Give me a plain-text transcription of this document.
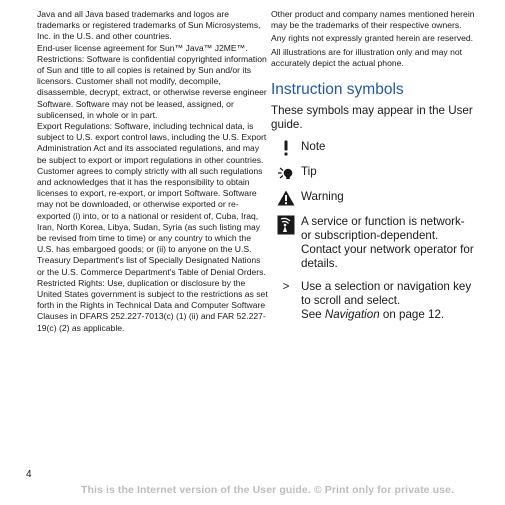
Java and all Java based trademarks and logos are trademarks or registered trademarks of Sun Microsystems, Inc. in the U.S. and other countries.

End-user license agreement for Sun™ Java™ J2ME™.

Restrictions: Software is confidential copyrighted information of Sun and title to all copies is retained by Sun and/or its licensors. Customer shall not modify, decompile, disassemble, decrypt, extract, or otherwise reverse engineer Software. Software may not be leased, assigned, or sublicensed, in whole or in part.

Export Regulations: Software, including technical data, is subject to U.S. export control laws, including the U.S. Export Administration Act and its associated regulations, and may be subject to export or import regulations in other countries. Customer agrees to comply strictly with all such regulations and acknowledges that it has the responsibility to obtain licenses to export, re-export, or import Software. Software may not be downloaded, or otherwise exported or re-exported (i) into, or to a national or resident of, Cuba, Iraq, Iran, North Korea, Libya, Sudan, Syria (as such listing may be revised from time to time) or any country to which the U.S. has embargoed goods; or (ii) to anyone on the U.S. Treasury Department's list of Specially Designated Nations or the U.S. Commerce Department's Table of Denial Orders.

Restricted Rights: Use, duplication or disclosure by the United States government is subject to the restrictions as set forth in the Rights in Technical Data and Computer Software Clauses in DFARS 252.227-7013(c) (1) (ii) and FAR 52.227-19(c) (2) as applicable.

Other product and company names mentioned herein may be the trademarks of their respective owners.

Any rights not expressly granted herein are reserved.

All illustrations are for illustration only and may not accurately depict the actual phone.

Instruction symbols

These symbols may appear in the User guide.

Note
Tip
Warning
A service or function is network- or subscription-dependent. Contact your network operator for details.
>	Use a selection or navigation key to scroll and select.
See Navigation on page 12.
4
This is the Internet version of the User guide. © Print only for private use.
